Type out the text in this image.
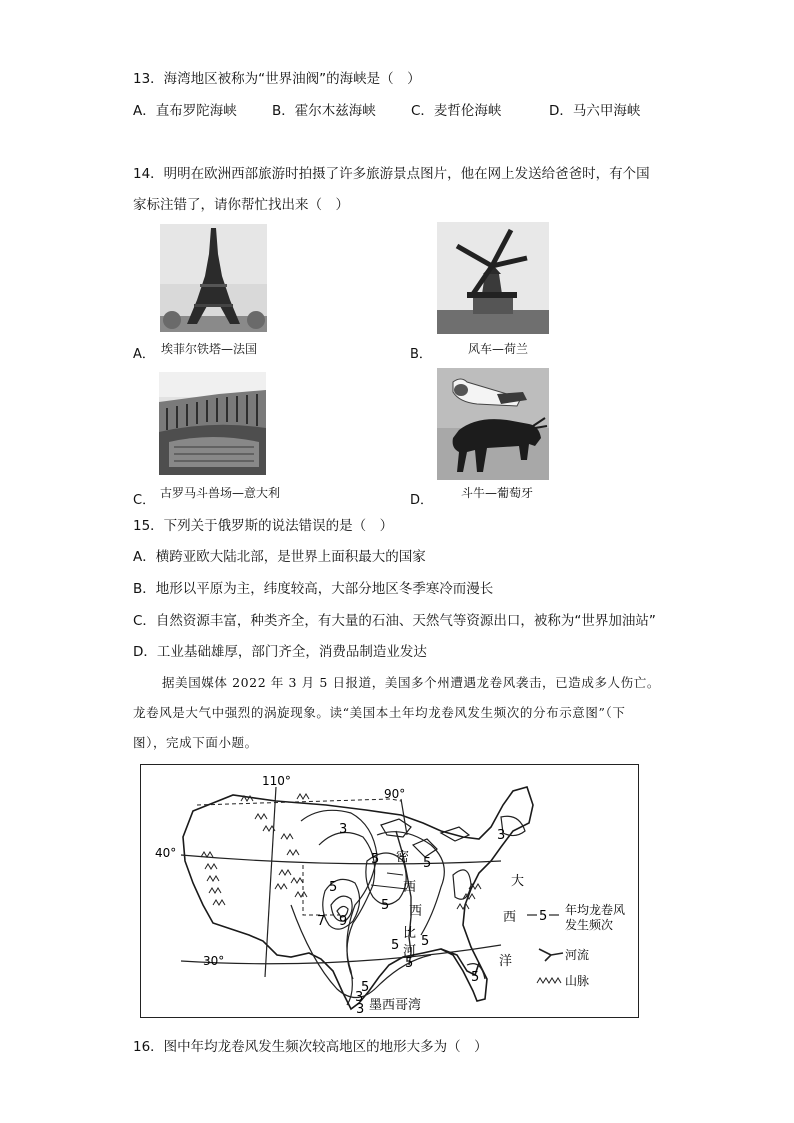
13．海湾地区被称为“世界油阀”的海峡是（　）
A．直布罗陀海峡	B．霍尔木兹海峡	C．麦哲伦海峡	D．马六甲海峡
14．明明在欧洲西部旅游时拍摄了许多旅游景点图片，他在网上发送给爸爸时，有个国
家标注错了，请你帮忙找出来（　）
A． 埃菲尔铁塔—法国	B．	风车—荷兰
C． 古罗马斗兽场—意大利	D． 斗牛—葡萄牙
15．下列关于俄罗斯的说法错误的是（　）
A．横跨亚欧大陆北部，是世界上面积最大的国家
B．地形以平原为主，纬度较高，大部分地区冬季寒冷而漫长
C．自然资源丰富，种类齐全，有大量的石油、天然气等资源出口，被称为“世界加油站”
D．工业基础雄厚，部门齐全，消费品制造业发达
据美国媒体 2022 年 3 月 5 日报道，美国多个州遭遇龙卷风袭击，已造成多人伤亡。
龙卷风是大气中强烈的涡旋现象。读“美国本土年均龙卷风发生频次的分布示意图”（下
图），完成下面小题。
110°
90°
40°
30°
密
西
西
比
河
大
西
洋
墨西哥湾
3
5
5
7 9
5
5
3
5
3
5
5
5
5
3
5 年均龙卷风
发生频次
河流
山脉
16．图中年均龙卷风发生频次较高地区的地形大多为（　）
